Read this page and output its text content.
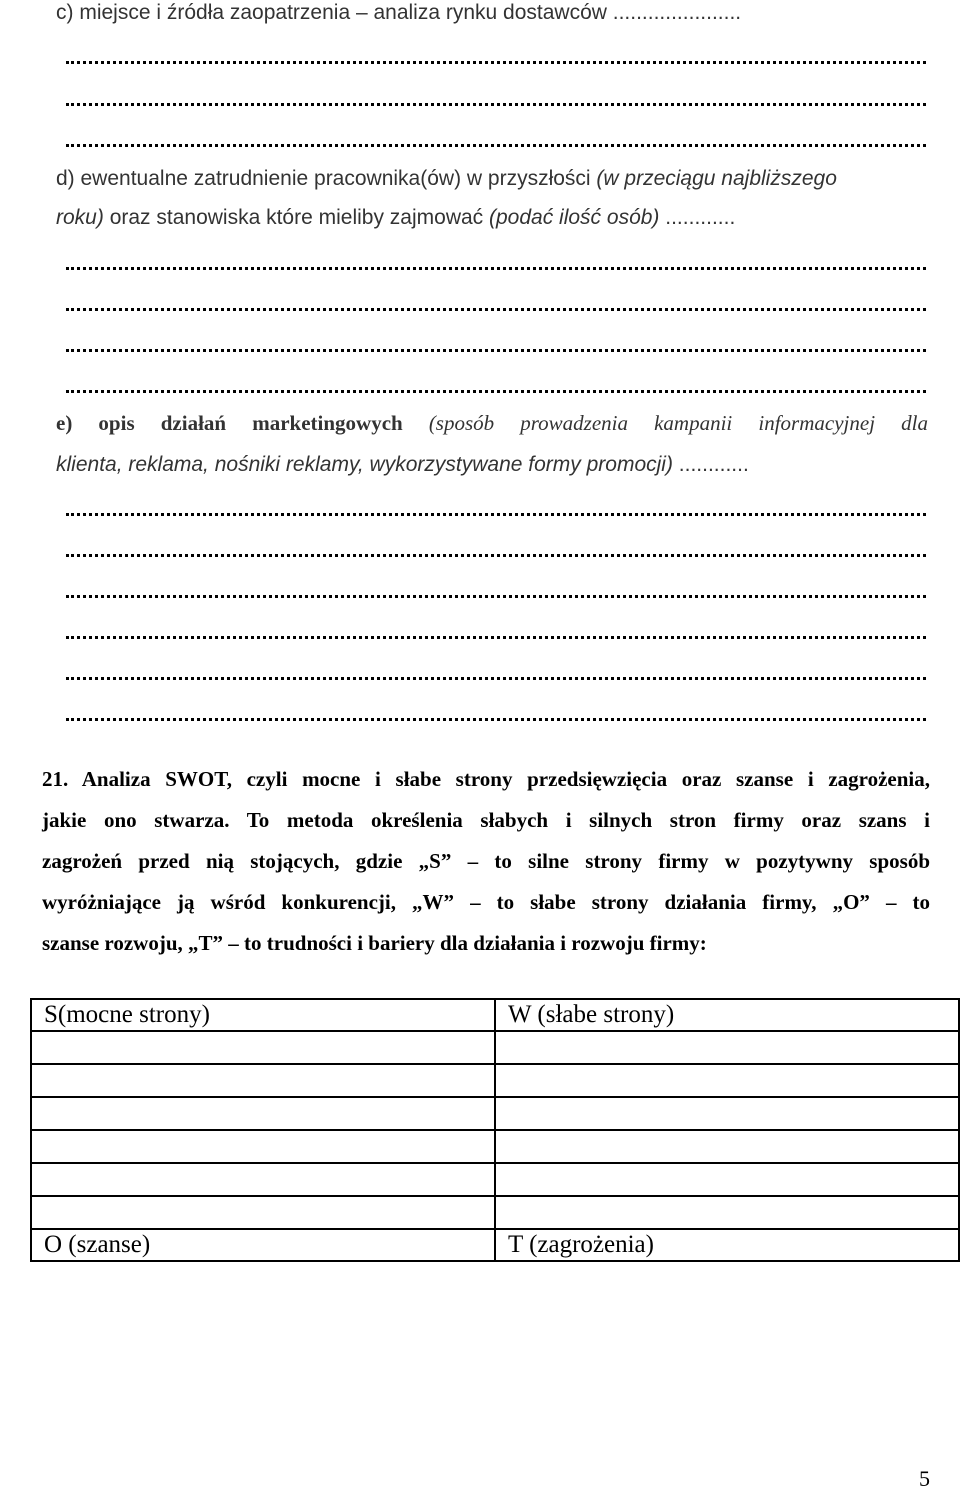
c) miejsce i źródła zaopatrzenia – analiza rynku dostawców ......................
d) ewentualne zatrudnienie pracownika(ów) w przyszłości (w przeciągu najbliższego
roku) oraz stanowiska które mieliby zajmować (podać ilość osób) ............
e) opis działań marketingowych (sposób prowadzenia kampanii informacyjnej dla
klienta, reklama, nośniki reklamy, wykorzystywane formy promocji) ............
21. Analiza SWOT, czyli mocne i słabe strony przedsięwzięcia oraz szanse i zagrożenia,
jakie ono stwarza. To metoda określenia słabych i silnych stron firmy oraz szans i
zagrożeń przed nią stojących, gdzie „S” – to silne strony firmy w pozytywny sposób
wyróżniające ją wśród konkurencji, „W” – to słabe strony działania firmy, „O” – to
szanse rozwoju, „T” – to trudności i bariery dla działania i rozwoju firmy:
S(mocne strony)	W (słabe strony)

O (szanse)	T (zagrożenia)
5
